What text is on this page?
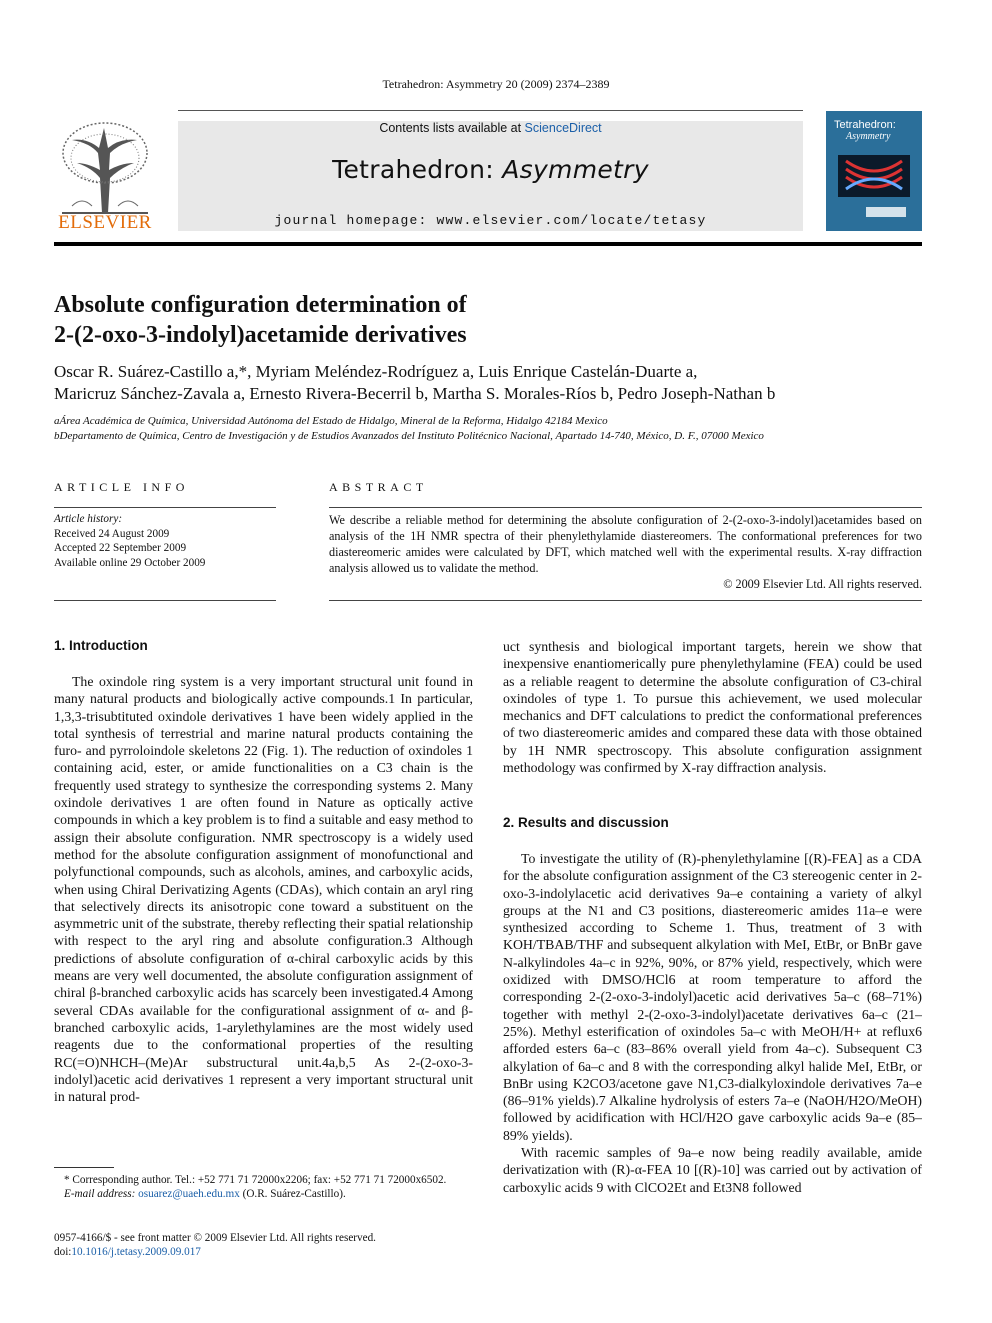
Tetrahedron: Asymmetry 20 (2009) 2374–2389
ELSEVIER
Contents lists available at ScienceDirect
Tetrahedron: Asymmetry
journal homepage: www.elsevier.com/locate/tetasy
Tetrahedron:
Asymmetry
Absolute configuration determination of
2-(2-oxo-3-indolyl)acetamide derivatives
Oscar R. Suárez-Castillo a,*, Myriam Meléndez-Rodríguez a, Luis Enrique Castelán-Duarte a,
Maricruz Sánchez-Zavala a, Ernesto Rivera-Becerril b, Martha S. Morales-Ríos b, Pedro Joseph-Nathan b
aÁrea Académica de Química, Universidad Autónoma del Estado de Hidalgo, Mineral de la Reforma, Hidalgo 42184 Mexico
bDepartamento de Química, Centro de Investigación y de Estudios Avanzados del Instituto Politécnico Nacional, Apartado 14-740, México, D. F., 07000 Mexico
ARTICLE INFO
Article history:
Received 24 August 2009
Accepted 22 September 2009
Available online 29 October 2009
ABSTRACT
We describe a reliable method for determining the absolute configuration of 2-(2-oxo-3-indolyl)acetamides based on analysis of the 1H NMR spectra of their phenylethylamide diastereomers. The conformational preferences for two diastereomeric amides were calculated by DFT, which matched well with the experimental results. X-ray diffraction analysis allowed us to validate the method.
© 2009 Elsevier Ltd. All rights reserved.
1. Introduction

The oxindole ring system is a very important structural unit found in many natural products and biologically active compounds.1 In particular, 1,3,3-trisubtituted oxindole derivatives 1 have been widely applied in the total synthesis of terrestrial and marine natural products containing the furo- and pyrroloindole skeletons 22 (Fig. 1). The reduction of oxindoles 1 containing acid, ester, or amide functionalities on a C3 chain is the frequently used strategy to synthesize the corresponding systems 2. Many oxindole derivatives 1 are often found in Nature as optically active compounds in which a key problem is to find a suitable and easy method to assign their absolute configuration. NMR spectroscopy is a widely used method for the absolute configuration assignment of monofunctional and polyfunctional compounds, such as alcohols, amines, and carboxylic acids, when using Chiral Derivatizing Agents (CDAs), which contain an aryl ring that selectively directs its anisotropic cone toward a substituent on the asymmetric unit of the substrate, thereby reflecting their spatial relationship with respect to the aryl ring and absolute configuration.3 Although predictions of absolute configuration of α-chiral carboxylic acids by this means are very well documented, the absolute configuration assignment of chiral β-branched carboxylic acids has scarcely been investigated.4 Among several CDAs available for the configurational assignment of α- and β-branched carboxylic acids, 1-arylethylamines are the most widely used reagents due to the conformational properties of the resulting RC(=O)NHCH–(Me)Ar substructural unit.4a,b,5 As 2-(2-oxo-3-indolyl)acetic acid derivatives 1 represent a very important structural unit in natural prod-

* Corresponding author. Tel.: +52 771 71 72000x2206; fax: +52 771 71 72000x6502.
E-mail address: osuarez@uaeh.edu.mx (O.R. Suárez-Castillo).
0957-4166/$ - see front matter © 2009 Elsevier Ltd. All rights reserved.
doi:10.1016/j.tetasy.2009.09.017

uct synthesis and biological important targets, herein we show that inexpensive enantiomerically pure phenylethylamine (FEA) could be used as a reliable reagent to determine the absolute configuration of C3-chiral oxindoles of type 1. To pursue this achievement, we used molecular mechanics and DFT calculations to predict the conformational preferences of two diastereomeric amides and compared these data with those obtained by 1H NMR spectroscopy. This absolute configuration assignment methodology was confirmed by X-ray diffraction analysis.

2. Results and discussion

To investigate the utility of (R)-phenylethylamine [(R)-FEA] as a CDA for the absolute configuration assignment of the C3 stereogenic center in 2-oxo-3-indolylacetic acid derivatives 9a–e containing a variety of alkyl groups at the N1 and C3 positions, diastereomeric amides 11a–e were synthesized according to Scheme 1. Thus, treatment of 3 with KOH/TBAB/THF and subsequent alkylation with MeI, EtBr, or BnBr gave N-alkylindoles 4a–c in 92%, 90%, or 87% yield, respectively, which were oxidized with DMSO/HCl6 at room temperature to afford the corresponding 2-(2-oxo-3-indolyl)acetic acid derivatives 5a–c (68–71%) together with methyl 2-(2-oxo-3-indolyl)acetate derivatives 6a–c (21–25%). Methyl esterification of oxindoles 5a–c with MeOH/H+ at reflux6 afforded esters 6a–c (83–86% overall yield from 4a–c). Subsequent C3 alkylation of 6a–c and 8 with the corresponding alkyl halide MeI, EtBr, or BnBr using K2CO3/acetone gave N1,C3-dialkyloxindole derivatives 7a–e (86–91% yields).7 Alkaline hydrolysis of esters 7a–e (NaOH/H2O/MeOH) followed by acidification with HCl/H2O gave carboxylic acids 9a–e (85–89% yields).

With racemic samples of 9a–e now being readily available, amide derivatization with (R)-α-FEA 10 [(R)-10] was carried out by activation of carboxylic acids 9 with ClCO2Et and Et3N8 followed
